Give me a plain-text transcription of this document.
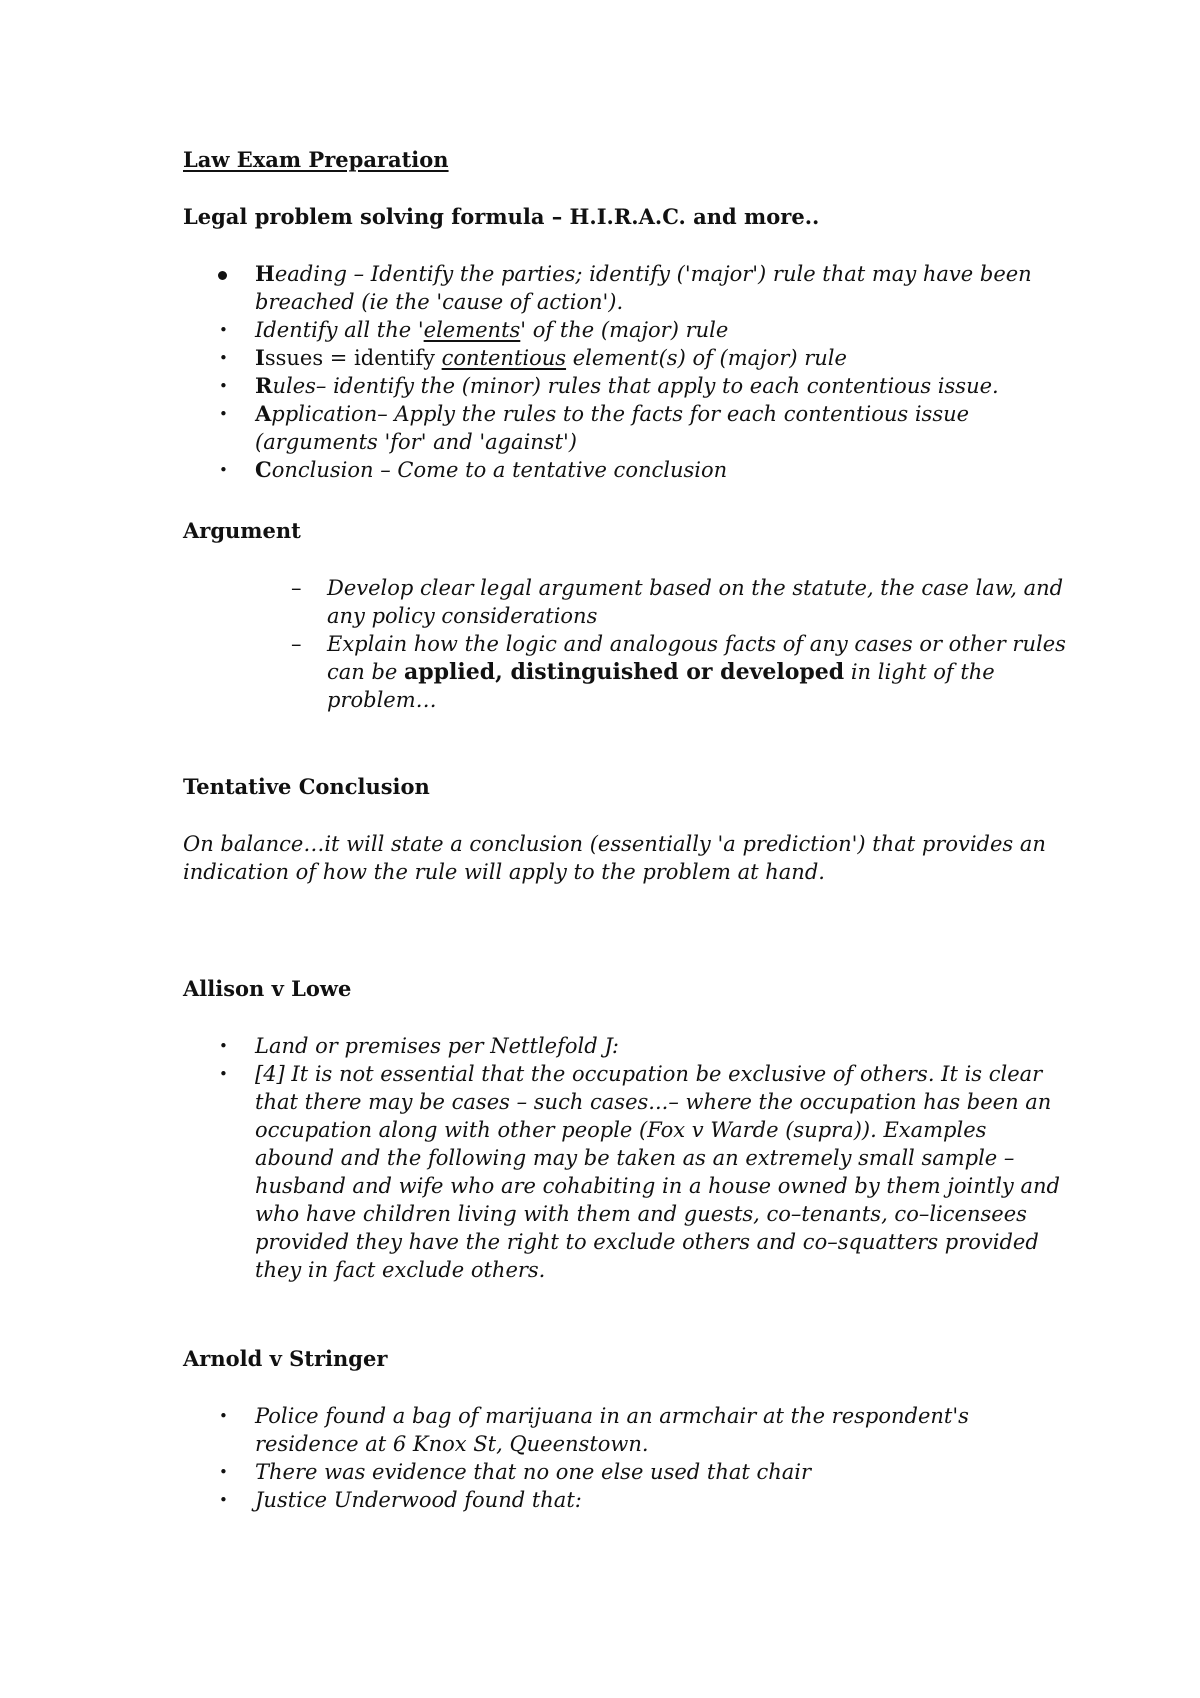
Law Exam Preparation
Legal problem solving formula – H.I.R.A.C. and more..
Heading – Identify the parties; identify ('major') rule that may have been
breached (ie the 'cause of action').
• Identify all the 'elements' of the (major) rule
• Issues = identify contentious element(s) of (major) rule
• Rules– identify the (minor) rules that apply to each contentious issue.
• Application– Apply the rules to the facts for each contentious issue
(arguments 'for' and 'against')
• Conclusion – Come to a tentative conclusion
Argument
– Develop clear legal argument based on the statute, the case law, and
any policy considerations
– Explain how the logic and analogous facts of any cases or other rules
can be applied, distinguished or developed in light of the
problem…
Tentative Conclusion
On balance…it will state a conclusion (essentially 'a prediction') that provides an
indication of how the rule will apply to the problem at hand.
Allison v Lowe
• Land or premises per Nettlefold J:
• [4] It is not essential that the occupation be exclusive of others. It is clear
that there may be cases – such cases...– where the occupation has been an
occupation along with other people (Fox v Warde (supra)). Examples
abound and the following may be taken as an extremely small sample –
husband and wife who are cohabiting in a house owned by them jointly and
who have children living with them and guests, co–tenants, co–licensees
provided they have the right to exclude others and co–squatters provided
they in fact exclude others.
Arnold v Stringer
• Police found a bag of marijuana in an armchair at the respondent's
residence at 6 Knox St, Queenstown.
• There was evidence that no one else used that chair
• Justice Underwood found that:
